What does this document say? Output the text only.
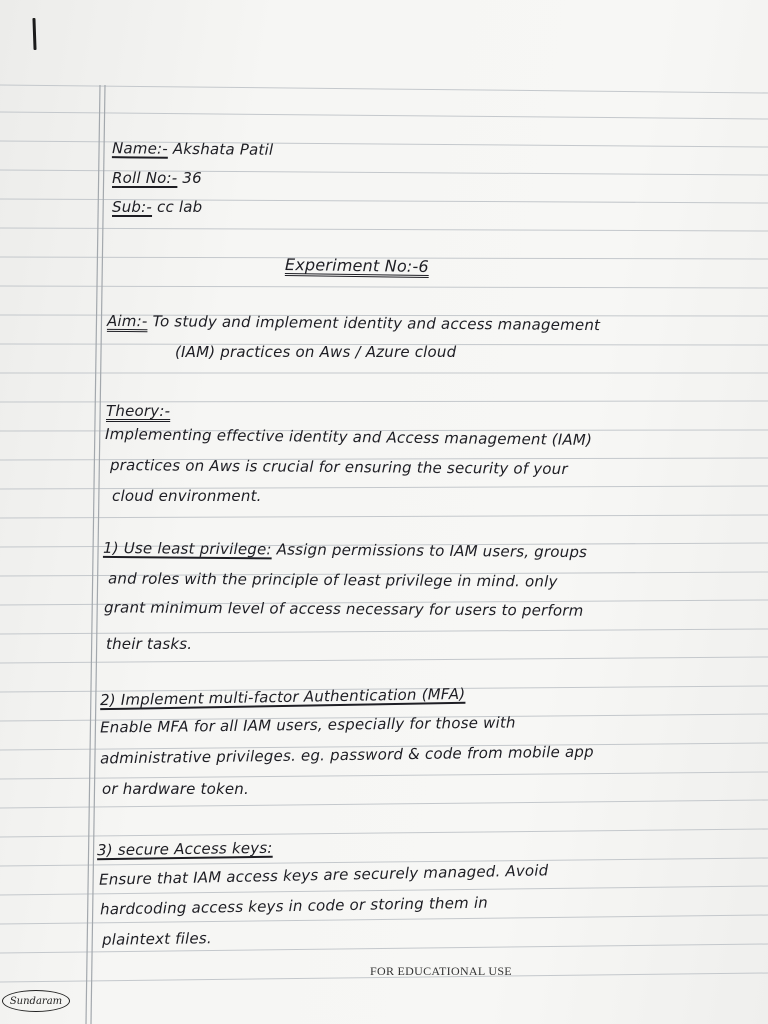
Name:- Akshata Patil
Roll No:- 36
Sub:- cc lab
Experiment No:-6
Aim:- To study and implement identity and access management
(IAM) practices on Aws / Azure cloud
Theory:-
Implementing effective identity and Access management (IAM)
practices on Aws is crucial for ensuring the security of your
cloud environment.
1) Use least privilege: Assign permissions to IAM users, groups
and roles with the principle of least privilege in mind. only
grant minimum level of access necessary for users to perform
their tasks.
2) Implement multi-factor Authentication (MFA)
Enable MFA for all IAM users, especially for those with
administrative privileges. eg. password & code from mobile app
or hardware token.
3) secure Access keys:
Ensure that IAM access keys are securely managed. Avoid
hardcoding access keys in code or storing them in
plaintext files.
FOR EDUCATIONAL USE
Sundaram
